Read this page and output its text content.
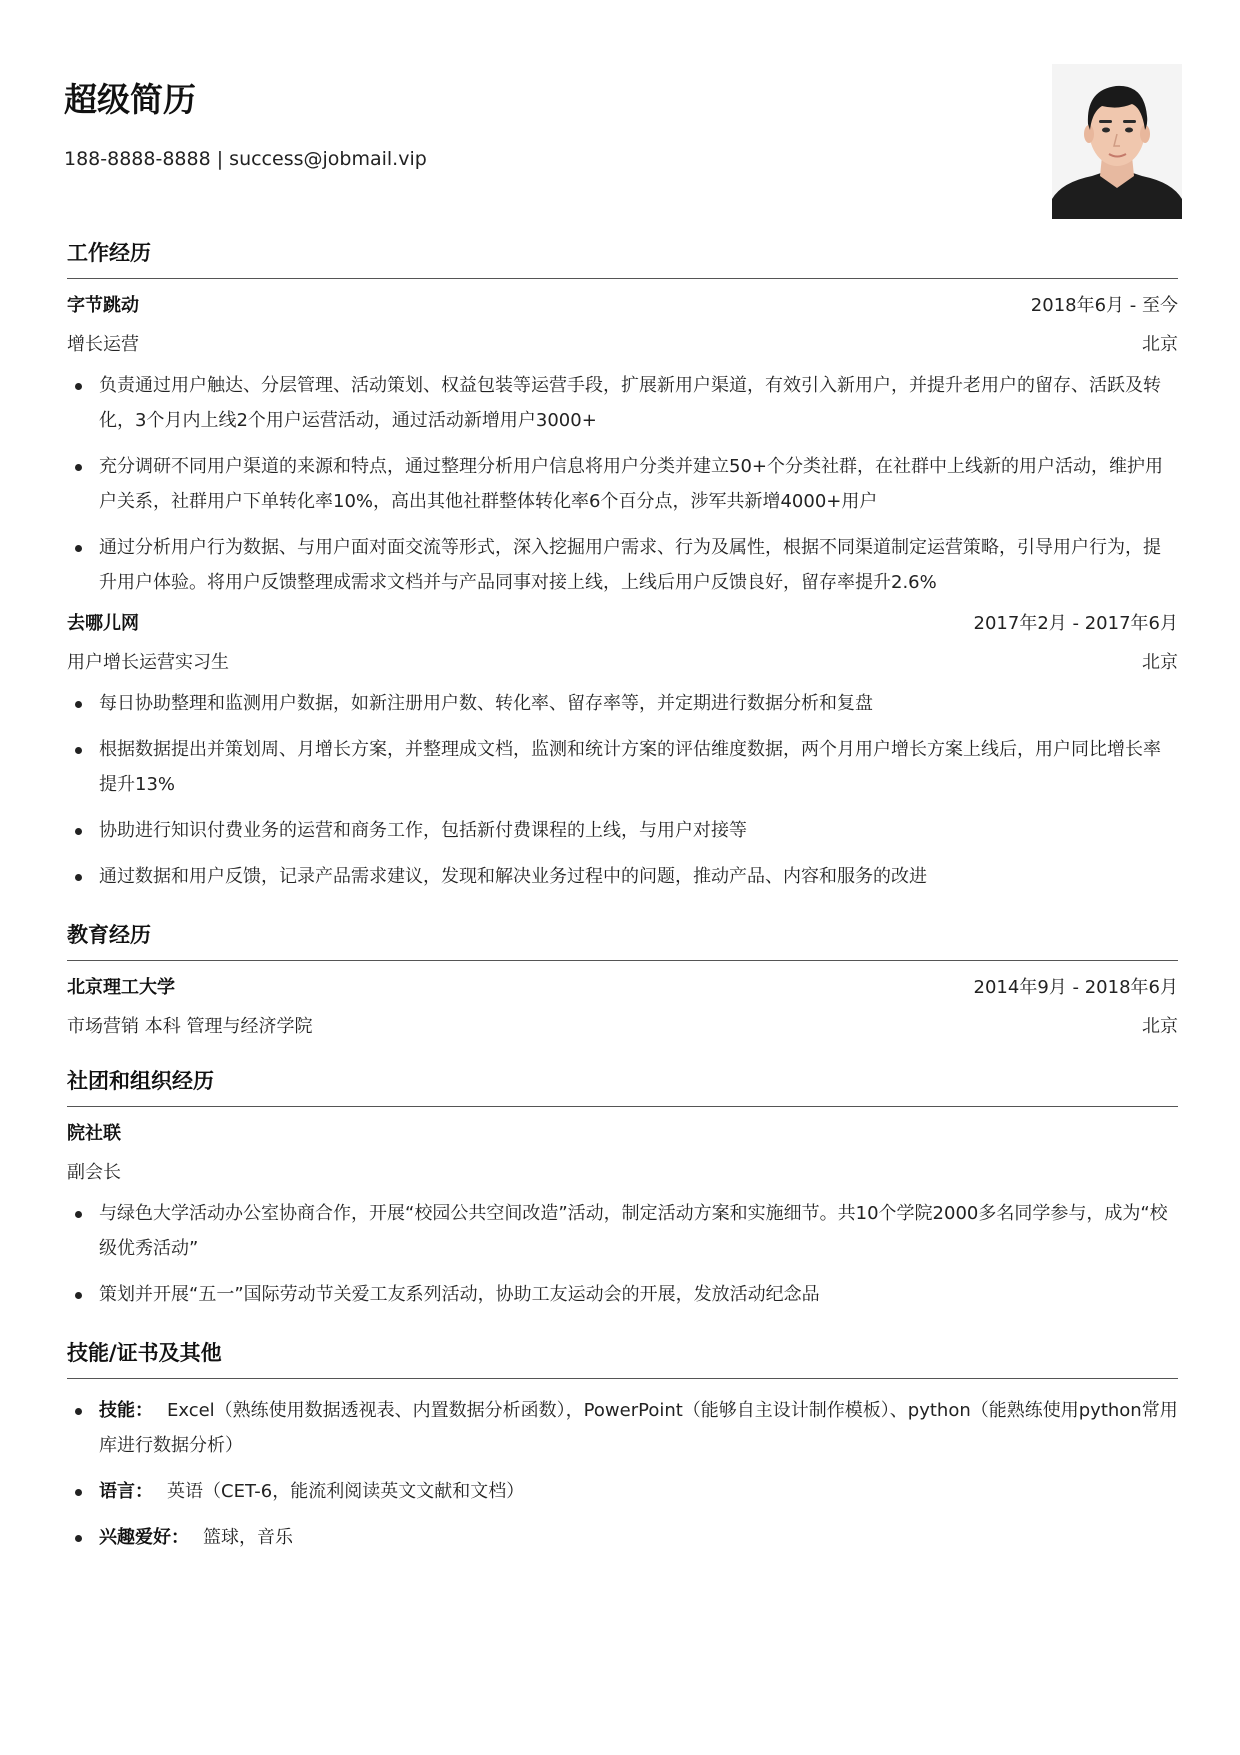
超级简历
188-8888-8888 | success@jobmail.vip
工作经历
字节跳动	2018年6月 - 至今
增长运营	北京
负责通过用户触达、分层管理、活动策划、权益包装等运营手段，扩展新用户渠道，有效引入新用户，并提升老用户的留存、活跃及转化，3个月内上线2个用户运营活动，通过活动新增用户3000+
充分调研不同用户渠道的来源和特点，通过整理分析用户信息将用户分类并建立50+个分类社群，在社群中上线新的用户活动，维护用户关系，社群用户下单转化率10%，高出其他社群整体转化率6个百分点，涉军共新增4000+用户
通过分析用户行为数据、与用户面对面交流等形式，深入挖掘用户需求、行为及属性，根据不同渠道制定运营策略，引导用户行为，提升用户体验。将用户反馈整理成需求文档并与产品同事对接上线，上线后用户反馈良好，留存率提升2.6%
去哪儿网	2017年2月 - 2017年6月
用户增长运营实习生	北京
每日协助整理和监测用户数据，如新注册用户数、转化率、留存率等，并定期进行数据分析和复盘
根据数据提出并策划周、月增长方案，并整理成文档，监测和统计方案的评估维度数据，两个月用户增长方案上线后，用户同比增长率提升13%
协助进行知识付费业务的运营和商务工作，包括新付费课程的上线，与用户对接等
通过数据和用户反馈，记录产品需求建议，发现和解决业务过程中的问题，推动产品、内容和服务的改进
教育经历
北京理工大学	2014年9月 - 2018年6月
市场营销 本科 管理与经济学院	北京
社团和组织经历
院社联
副会长
与绿色大学活动办公室协商合作，开展“校园公共空间改造”活动，制定活动方案和实施细节。共10个学院2000多名同学参与，成为“校级优秀活动”
策划并开展“五一”国际劳动节关爱工友系列活动，协助工友运动会的开展，发放活动纪念品
技能/证书及其他
技能： Excel（熟练使用数据透视表、内置数据分析函数），PowerPoint（能够自主设计制作模板）、python（能熟练使用python常用库进行数据分析）
语言： 英语（CET-6，能流利阅读英文文献和文档）
兴趣爱好： 篮球，音乐
